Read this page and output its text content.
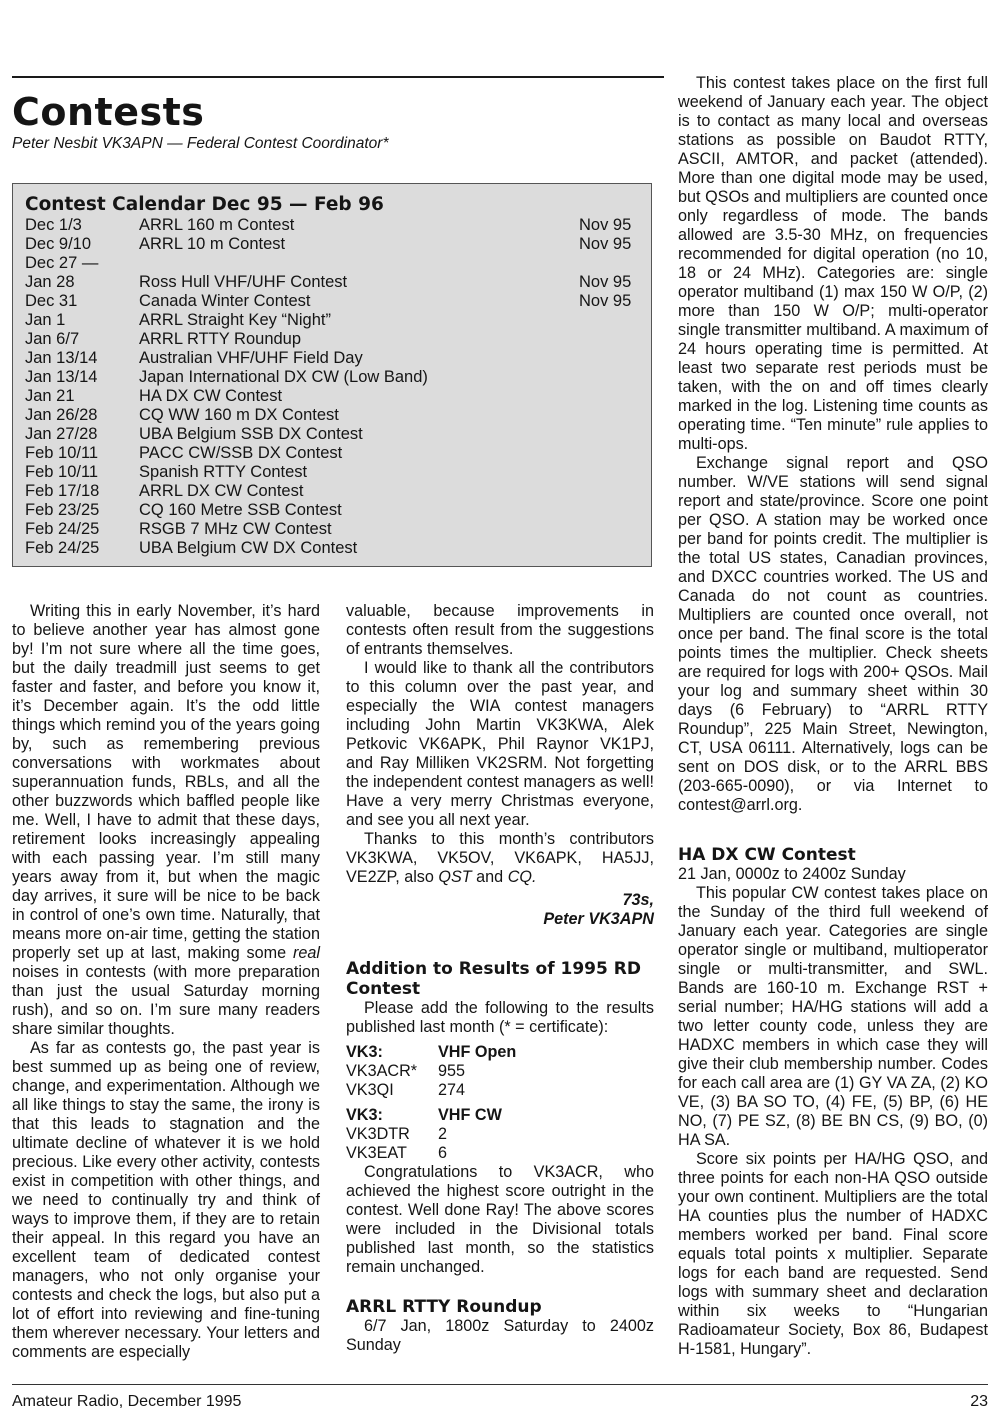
Contests
Peter Nesbit VK3APN — Federal Contest Coordinator*
Contest Calendar Dec 95 — Feb 96
Dec 1/3	ARRL 160 m Contest	Nov 95
Dec 9/10	ARRL 10 m Contest	Nov 95
Dec 27 —
Jan 28	Ross Hull VHF/UHF Contest	Nov 95
Dec 31	Canada Winter Contest	Nov 95
Jan 1	ARRL Straight Key “Night”
Jan 6/7	ARRL RTTY Roundup
Jan 13/14	Australian VHF/UHF Field Day
Jan 13/14	Japan International DX CW (Low Band)
Jan 21	HA DX CW Contest
Jan 26/28	CQ WW 160 m DX Contest
Jan 27/28	UBA Belgium SSB DX Contest
Feb 10/11	PACC CW/SSB DX Contest
Feb 10/11	Spanish RTTY Contest
Feb 17/18	ARRL DX CW Contest
Feb 23/25	CQ 160 Metre SSB Contest
Feb 24/25	RSGB 7 MHz CW Contest
Feb 24/25	UBA Belgium CW DX Contest

Writing this in early November, it’s hard to believe another year has almost gone by! I’m not sure where all the time goes, but the daily treadmill just seems to get faster and faster, and before you know it, it’s December again. It’s the odd little things which remind you of the years going by, such as remembering previous conversations with workmates about superannuation funds, RBLs, and all the other buzzwords which baffled people like me. Well, I have to admit that these days, retirement looks increasingly appealing with each passing year. I’m still many years away from it, but when the magic day arrives, it sure will be nice to be back in control of one’s own time. Naturally, that means more on-air time, getting the station properly set up at last, making some real noises in contests (with more preparation than just the usual Saturday morning rush), and so on. I’m sure many readers share similar thoughts.

As far as contests go, the past year is best summed up as being one of review, change, and experimentation. Although we all like things to stay the same, the irony is that this leads to stagnation and the ultimate decline of whatever it is we hold precious. Like every other activity, contests exist in competition with other things, and we need to continually try and think of ways to improve them, if they are to retain their appeal. In this regard you have an excellent team of dedicated contest managers, who not only organise your contests and check the logs, but also put a lot of effort into reviewing and fine-tuning them wherever necessary. Your letters and comments are especially

valuable, because improvements in contests often result from the suggestions of entrants themselves.

I would like to thank all the contributors to this column over the past year, and especially the WIA contest managers including John Martin VK3KWA, Alek Petkovic VK6APK, Phil Raynor VK1PJ, and Ray Milliken VK2SRM. Not forgetting the independent contest managers as well! Have a very merry Christmas everyone, and see you all next year.

Thanks to this month’s contributors VK3KWA, VK5OV, VK6APK, HA5JJ, VE2ZP, also QST and CQ.

73s,
Peter VK3APN
Addition to Results of 1995 RD Contest

Please add the following to the results published last month (* = certificate):

VK3:	VHF Open
VK3ACR*	955
VK3QI	274
VK3:	VHF CW
VK3DTR	2
VK3EAT	6

Congratulations to VK3ACR, who achieved the highest score outright in the contest. Well done Ray! The above scores were included in the Divisional totals published last month, so the statistics remain unchanged.

ARRL RTTY Roundup

6/7 Jan, 1800z Saturday to 2400z Sunday

This contest takes place on the first full weekend of January each year. The object is to contact as many local and overseas stations as possible on Baudot RTTY, ASCII, AMTOR, and packet (attended). More than one digital mode may be used, but QSOs and multipliers are counted once only regardless of mode. The bands allowed are 3.5-30 MHz, on frequencies recommended for digital operation (no 10, 18 or 24 MHz). Categories are: single operator multiband (1) max 150 W O/P, (2) more than 150 W O/P; multi-operator single transmitter multiband. A maximum of 24 hours operating time is permitted. At least two separate rest periods must be taken, with the on and off times clearly marked in the log. Listening time counts as operating time. “Ten minute” rule applies to multi-ops.

Exchange signal report and QSO number. W/VE stations will send signal report and state/province. Score one point per QSO. A station may be worked once per band for points credit. The multiplier is the total US states, Canadian provinces, and DXCC countries worked. The US and Canada do not count as countries. Multipliers are counted once overall, not once per band. The final score is the total points times the multiplier. Check sheets are required for logs with 200+ QSOs. Mail your log and summary sheet within 30 days (6 February) to “ARRL RTTY Roundup”, 225 Main Street, Newington, CT, USA 06111. Alternatively, logs can be sent on DOS disk, or to the ARRL BBS (203-665-0090), or via Internet to contest@arrl.org.

HA DX CW Contest

21 Jan, 0000z to 2400z Sunday

This popular CW contest takes place on the Sunday of the third full weekend of January each year. Categories are single operator single or multiband, multioperator single or multi-transmitter, and SWL. Bands are 160-10 m. Exchange RST + serial number; HA/HG stations will add a two letter county code, unless they are HADXC members in which case they will give their club membership number. Codes for each call area are (1) GY VA ZA, (2) KO VE, (3) BA SO TO, (4) FE, (5) BP, (6) HE NO, (7) PE SZ, (8) BE BN CS, (9) BO, (0) HA SA.

Score six points per HA/HG QSO, and three points for each non-HA QSO outside your own continent. Multipliers are the total HA counties plus the number of HADXC members worked per band. Final score equals total points x multiplier. Separate logs for each band are requested. Send logs with summary sheet and declaration within six weeks to “Hungarian Radioamateur Society, Box 86, Budapest H-1581, Hungary”.

Amateur Radio, December 1995	23
